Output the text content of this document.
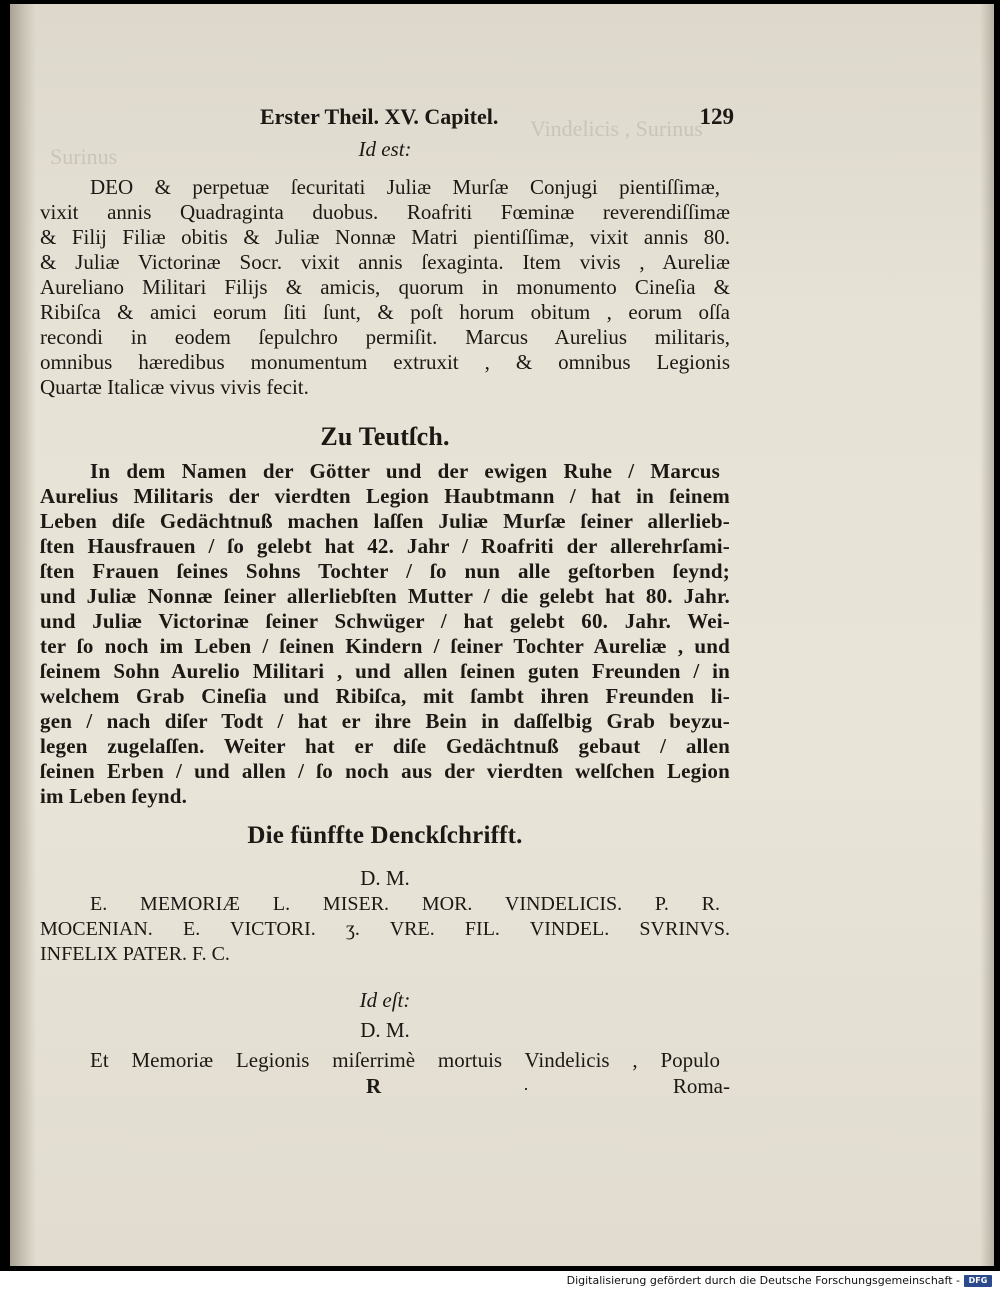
Surinus
Vindelicis , Surinus
Erster Theil. XV. Capitel.	129
Id est:
DEO & perpetuæ ſecuritati Juliæ Murſæ Conjugi pientiſſimæ,
vixit annis Quadraginta duobus. Roafriti Fœminæ reverendiſſimæ
& Filij Filiæ obitis & Juliæ Nonnæ Matri pientiſſimæ, vixit annis 80.
& Juliæ Victorinæ Socr. vixit annis ſexaginta. Item vivis , Aureliæ
Aureliano Militari Filijs & amicis, quorum in monumento Cineſia &
Ribiſca & amici eorum ſiti ſunt, & poſt horum obitum , eorum oſſa
recondi in eodem ſepulchro permiſit. Marcus Aurelius militaris,
omnibus hæredibus monumentum extruxit , & omnibus Legionis
Quartæ Italicæ vivus vivis fecit.
Zu Teutſch.
In dem Namen der Götter und der ewigen Ruhe / Marcus
Aurelius Militaris der vierdten Legion Haubtmann / hat in ſeinem
Leben diſe Gedächtnuß machen laſſen Juliæ Murſæ ſeiner allerlieb-
ſten Hausfrauen / ſo gelebt hat 42. Jahr / Roafriti der allerehrſami-
ſten Frauen ſeines Sohns Tochter / ſo nun alle geſtorben ſeynd;
und Juliæ Nonnæ ſeiner allerliebſten Mutter / die gelebt hat 80. Jahr.
und Juliæ Victorinæ ſeiner Schwüger / hat gelebt 60. Jahr. Wei-
ter ſo noch im Leben / ſeinen Kindern / ſeiner Tochter Aureliæ , und
ſeinem Sohn Aurelio Militari , und allen ſeinen guten Freunden / in
welchem Grab Cineſia und Ribiſca, mit ſambt ihren Freunden li-
gen / nach diſer Todt / hat er ihre Bein in daſſelbig Grab beyzu-
legen zugelaſſen. Weiter hat er diſe Gedächtnuß gebaut / allen
ſeinen Erben / und allen / ſo noch aus der vierdten welſchen Legion
im Leben ſeynd.
Die fünffte Denckſchrifft.
D. M.
E. MEMORIÆ L. MISER. MOR. VINDELICIS. P. R.
MOCENIAN. E. VICTORI. ʒ. VRE. FIL. VINDEL. SVRINVS.
INFELIX PATER. F. C.
Id eſt:
D. M.
Et Memoriæ Legionis miſerrimè mortuis Vindelicis , Populo
R	Roma-
Digitalisierung gefördert durch die Deutsche Forschungsgemeinschaft -	DFG
